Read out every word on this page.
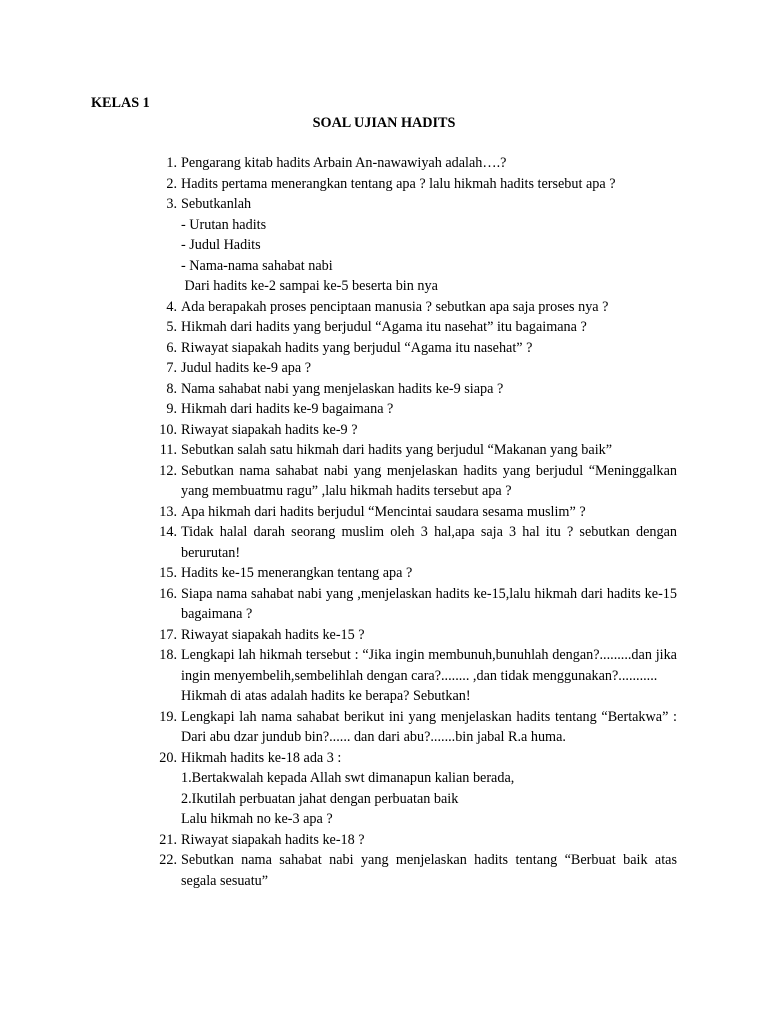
KELAS 1
SOAL UJIAN HADITS
1. Pengarang kitab hadits Arbain An-nawawiyah adalah….?
2. Hadits pertama menerangkan tentang apa ? lalu hikmah hadits tersebut apa ?
3. Sebutkanlah
- Urutan hadits
- Judul Hadits
- Nama-nama sahabat nabi
Dari hadits ke-2 sampai ke-5 beserta bin nya
4. Ada berapakah proses penciptaan manusia ? sebutkan apa saja proses nya ?
5. Hikmah dari hadits yang berjudul “Agama itu nasehat” itu bagaimana ?
6. Riwayat siapakah hadits yang berjudul “Agama itu nasehat” ?
7. Judul hadits ke-9 apa ?
8. Nama sahabat nabi yang menjelaskan hadits ke-9 siapa ?
9. Hikmah dari hadits ke-9 bagaimana ?
10. Riwayat siapakah hadits ke-9 ?
11. Sebutkan salah satu hikmah dari hadits yang berjudul “Makanan yang baik”
12. Sebutkan nama sahabat nabi yang menjelaskan hadits yang berjudul “Meninggalkan yang membuatmu ragu” ,lalu hikmah hadits tersebut apa ?
13. Apa hikmah dari hadits berjudul “Mencintai saudara sesama muslim” ?
14. Tidak halal darah seorang muslim oleh 3 hal,apa saja 3 hal itu ? sebutkan dengan berurutan!
15. Hadits ke-15 menerangkan tentang apa ?
16. Siapa nama sahabat nabi yang ,menjelaskan hadits ke-15,lalu hikmah dari hadits ke-15 bagaimana ?
17. Riwayat siapakah hadits ke-15 ?
18. Lengkapi lah hikmah tersebut : “Jika ingin membunuh,bunuhlah dengan?.........dan jika ingin menyembelih,sembelihlah dengan cara?........ ,dan tidak menggunakan?...........
Hikmah di atas adalah hadits ke berapa? Sebutkan!
19. Lengkapi lah nama sahabat berikut ini yang menjelaskan hadits tentang “Bertakwa” : Dari abu dzar jundub bin?...... dan dari abu?.......bin jabal R.a huma.
20. Hikmah hadits ke-18 ada 3 :
1.Bertakwalah kepada Allah swt dimanapun kalian berada,
2.Ikutilah perbuatan jahat dengan perbuatan baik
Lalu hikmah no ke-3 apa ?
21. Riwayat siapakah hadits ke-18 ?
22. Sebutkan nama sahabat nabi yang menjelaskan hadits tentang “Berbuat baik atas segala sesuatu”
